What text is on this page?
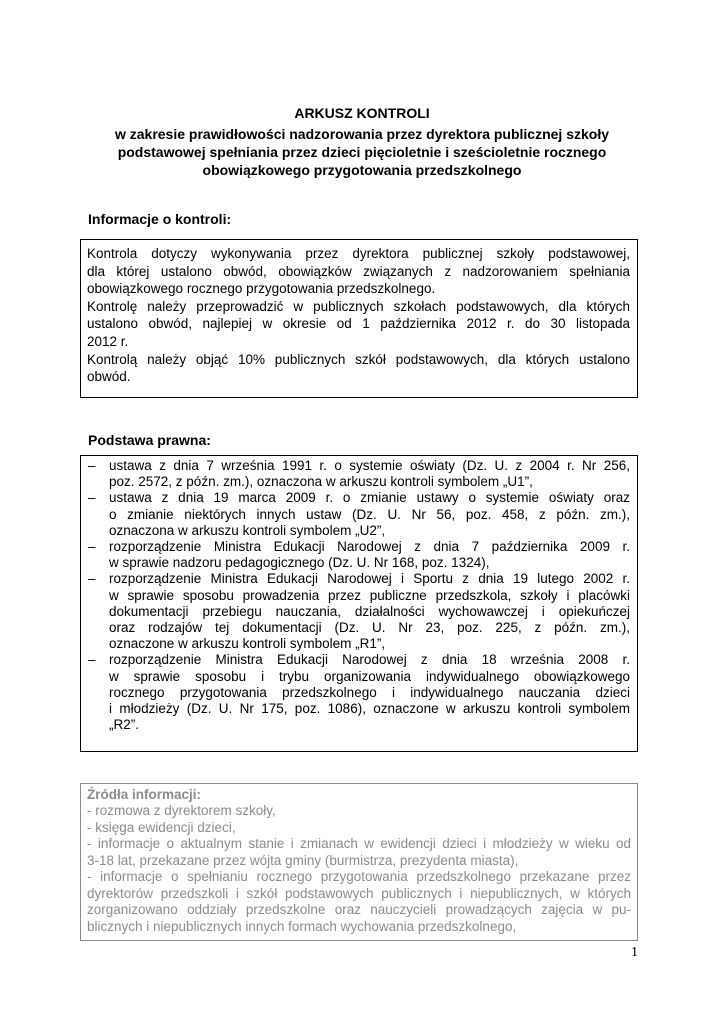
ARKUSZ KONTROLI
w zakresie prawidłowości nadzorowania przez dyrektora publicznej szkoły
podstawowej spełniania przez dzieci pięcioletnie i sześcioletnie rocznego
obowiązkowego przygotowania przedszkolnego
Informacje o kontroli:

Kontrola dotyczy wykonywania przez dyrektora publicznej szkoły podstawowej,
dla której ustalono obwód, obowiązków związanych z nadzorowaniem spełniania
obowiązkowego rocznego przygotowania przedszkolnego.

Kontrolę należy przeprowadzić w publicznych szkołach podstawowych, dla których
ustalono obwód, najlepiej w okresie od 1 października 2012 r. do 30 listopada
2012 r.

Kontrolą należy objąć 10% publicznych szkół podstawowych, dla których ustalono
obwód.

Podstawa prawna:
– ustawa z dnia 7 września 1991 r. o systemie oświaty (Dz. U. z 2004 r. Nr 256,
poz. 2572, z późn. zm.), oznaczona w arkuszu kontroli symbolem „U1”,
– ustawa z dnia 19 marca 2009 r. o zmianie ustawy o systemie oświaty oraz
o zmianie niektórych innych ustaw (Dz. U. Nr 56, poz. 458, z późn. zm.),
oznaczona w arkuszu kontroli symbolem „U2”,
– rozporządzenie Ministra Edukacji Narodowej z dnia 7 października 2009 r.
w sprawie nadzoru pedagogicznego (Dz. U. Nr 168, poz. 1324),
– rozporządzenie Ministra Edukacji Narodowej i Sportu z dnia 19 lutego 2002 r.
w sprawie sposobu prowadzenia przez publiczne przedszkola, szkoły i placówki
dokumentacji przebiegu nauczania, działalności wychowawczej i opiekuńczej
oraz rodzajów tej dokumentacji (Dz. U. Nr 23, poz. 225, z późn. zm.),
oznaczone w arkuszu kontroli symbolem „R1”,
– rozporządzenie Ministra Edukacji Narodowej z dnia 18 września 2008 r.
w sprawie sposobu i trybu organizowania indywidualnego obowiązkowego
rocznego przygotowania przedszkolnego i indywidualnego nauczania dzieci
i młodzieży (Dz. U. Nr 175, poz. 1086), oznaczone w arkuszu kontroli symbolem
„R2”.
Źródła informacji:
- rozmowa z dyrektorem szkoły,
- księga ewidencji dzieci,
- informacje o aktualnym stanie i zmianach w ewidencji dzieci i młodzieży w wieku od
3-18 lat, przekazane przez wójta gminy (burmistrza, prezydenta miasta),
- informacje o spełnianiu rocznego przygotowania przedszkolnego przekazane przez
dyrektorów przedszkoli i szkół podstawowych publicznych i niepublicznych, w których
zorganizowano oddziały przedszkolne oraz nauczycieli prowadzących zajęcia w pu-
blicznych i niepublicznych innych formach wychowania przedszkolnego,
1
